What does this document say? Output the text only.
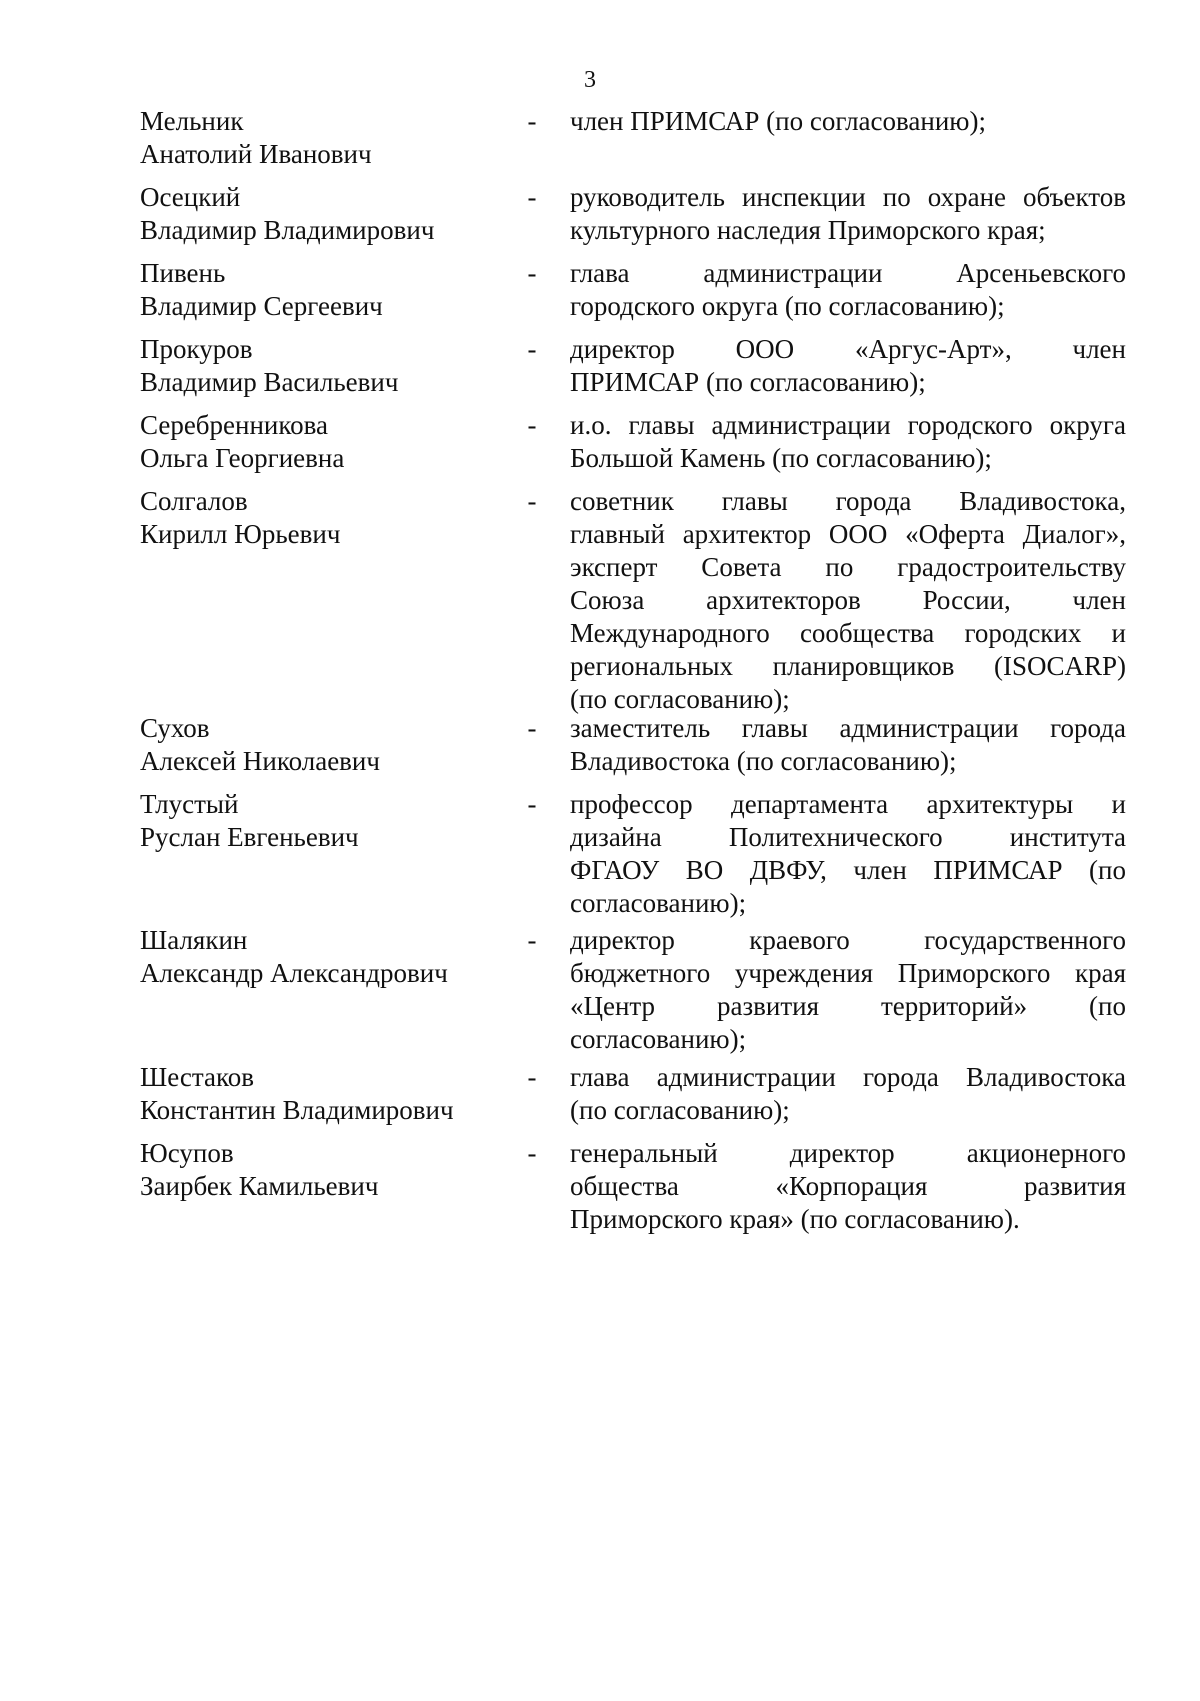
3
Мельник
Анатолий Иванович
- член ПРИМСАР (по согласованию);
Осецкий
Владимир Владимирович
- руководитель инспекции по охране объектов
культурного наследия Приморского края;
Пивень
Владимир Сергеевич
- глава администрации Арсеньевского
городского округа (по согласованию);
Прокуров
Владимир Васильевич
- директор ООО «Аргус-Арт», член
ПРИМСАР (по согласованию);
Серебренникова
Ольга Георгиевна
- и.о. главы администрации городского округа
Большой Камень (по согласованию);
Солгалов
Кирилл Юрьевич
- советник главы города Владивостока,
главный архитектор ООО «Оферта Диалог»,
эксперт Совета по градостроительству
Союза архитекторов России, член
Международного сообщества городских и
региональных планировщиков (ISOCARP)
(по согласованию);
Сухов
Алексей Николаевич
- заместитель главы администрации города
Владивостока (по согласованию);
Тлустый
Руслан Евгеньевич
- профессор департамента архитектуры и
дизайна Политехнического института
ФГАОУ ВО ДВФУ, член ПРИМСАР (по
согласованию);
Шалякин
Александр Александрович
- директор краевого государственного
бюджетного учреждения Приморского края
«Центр развития территорий» (по
согласованию);
Шестаков
Константин Владимирович
- глава администрации города Владивостока
(по согласованию);
Юсупов
Заирбек Камильевич
- генеральный директор акционерного
общества «Корпорация развития
Приморского края» (по согласованию).
